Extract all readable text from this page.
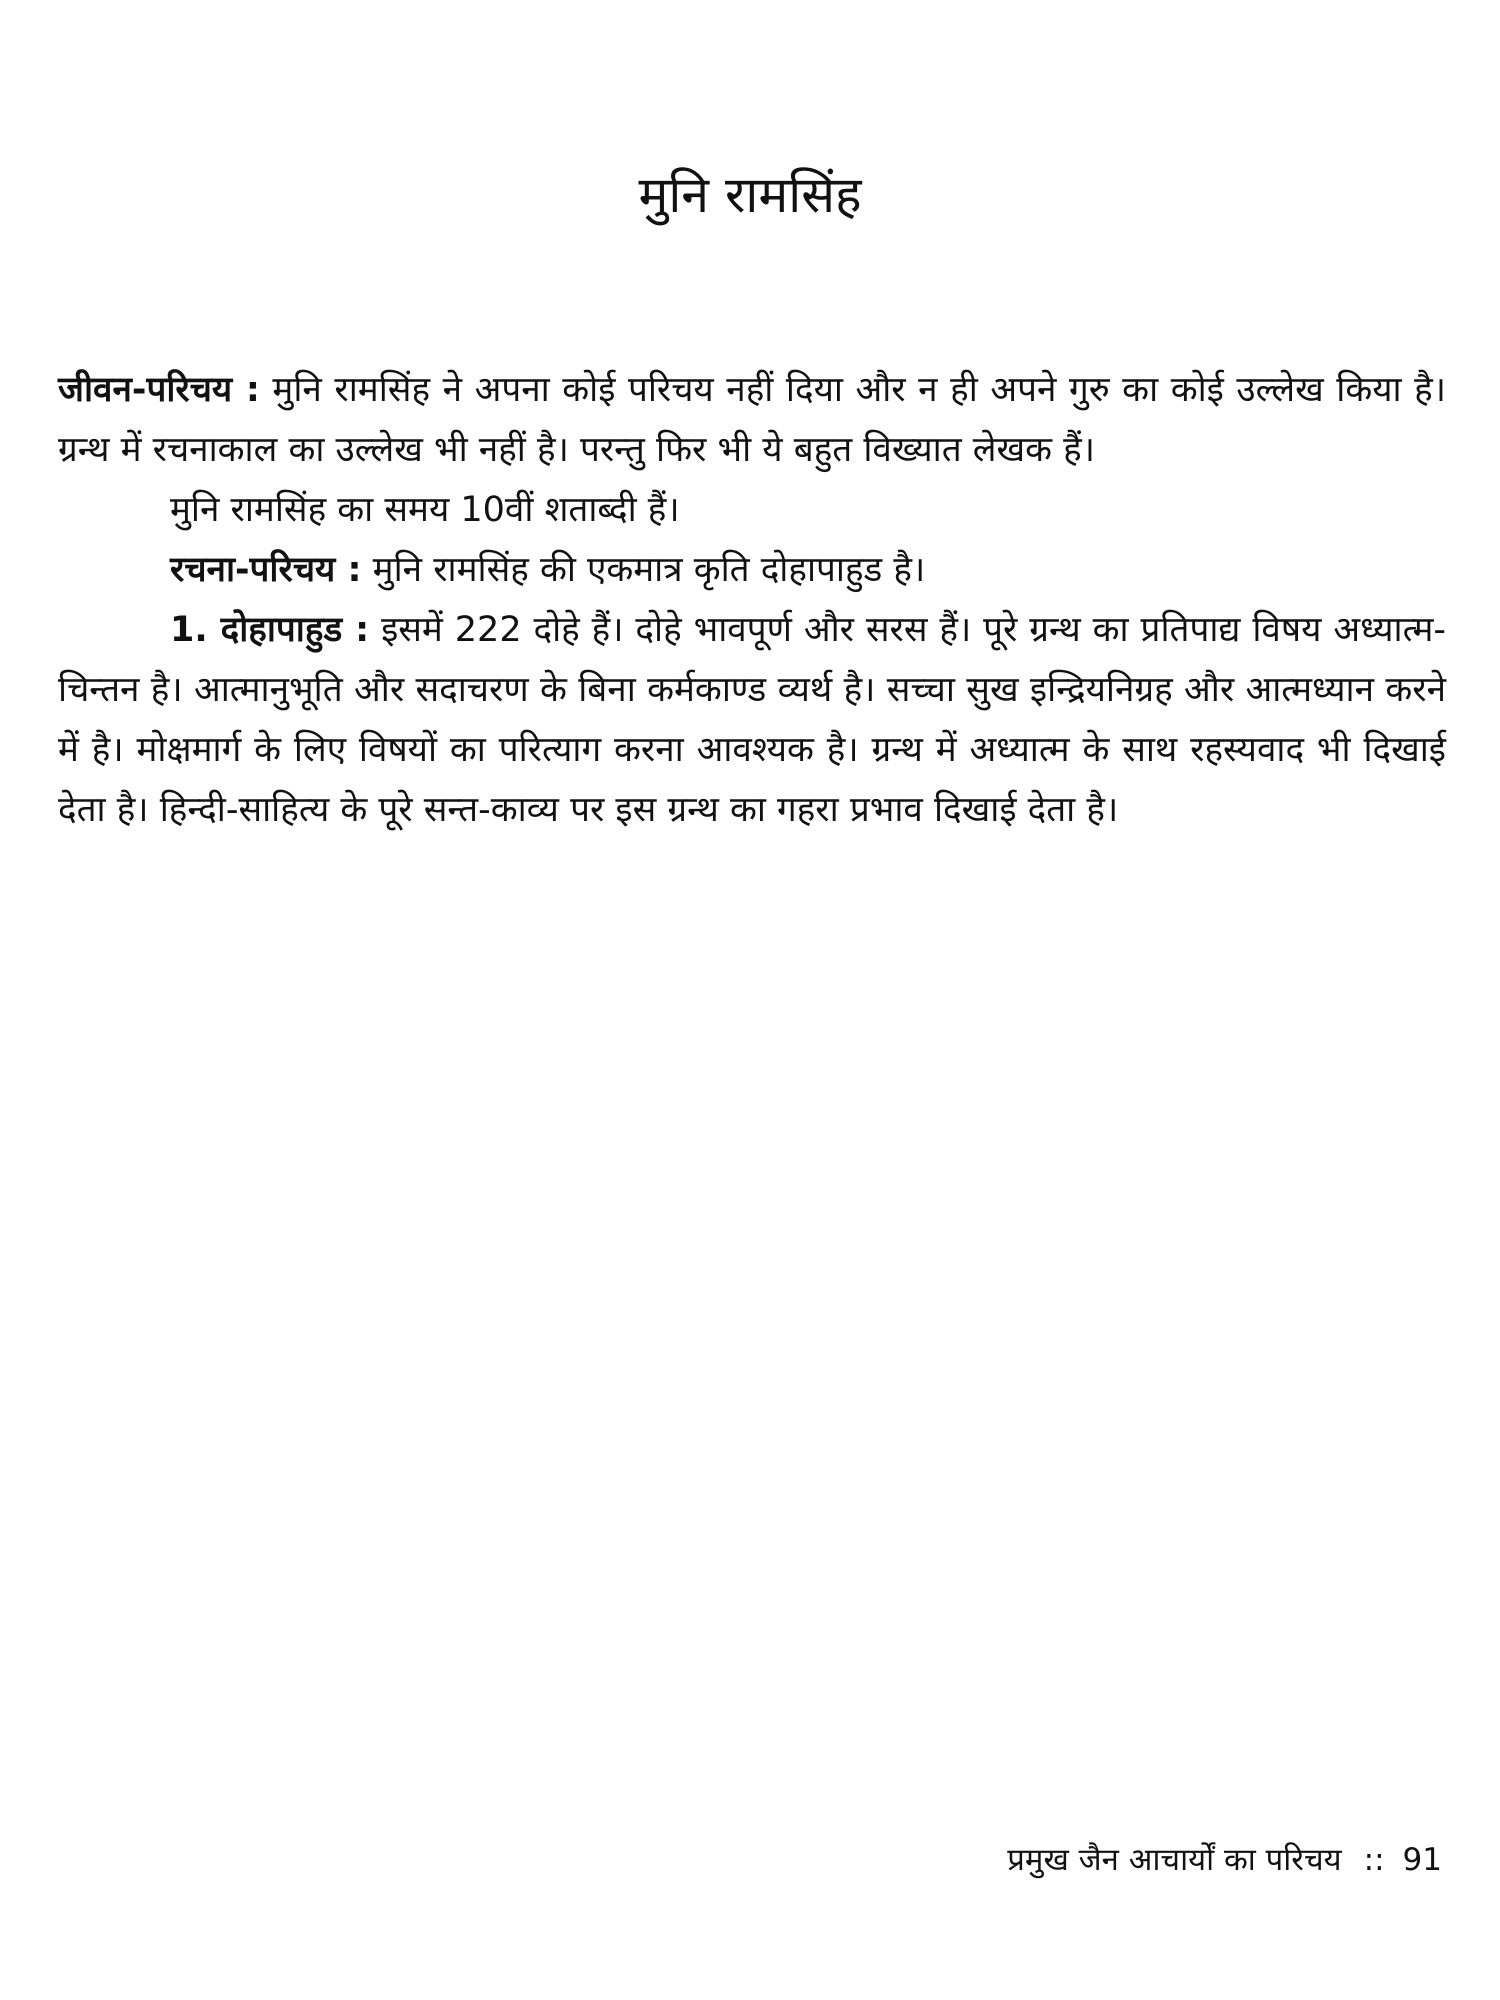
मुनि रामसिंह

जीवन-परिचय : मुनि रामसिंह ने अपना कोई परिचय नहीं दिया और न ही अपने गुरु का कोई उल्लेख किया है। ग्रन्थ में रचनाकाल का उल्लेख भी नहीं है। परन्तु फिर भी ये बहुत विख्यात लेखक हैं।

मुनि रामसिंह का समय 10वीं शताब्दी हैं।

रचना-परिचय : मुनि रामसिंह की एकमात्र कृति दोहापाहुड है।

1. दोहापाहुड : इसमें 222 दोहे हैं। दोहे भावपूर्ण और सरस हैं। पूरे ग्रन्थ का प्रतिपाद्य विषय अध्यात्म-चिन्तन है। आत्मानुभूति और सदाचरण के बिना कर्मकाण्ड व्यर्थ है। सच्चा सुख इन्द्रियनिग्रह और आत्मध्यान करने में है। मोक्षमार्ग के लिए विषयों का परित्याग करना आवश्यक है। ग्रन्थ में अध्यात्म के साथ रहस्यवाद भी दिखाई देता है। हिन्दी-साहित्य के पूरे सन्त-काव्य पर इस ग्रन्थ का गहरा प्रभाव दिखाई देता है।

प्रमुख जैन आचार्यों का परिचय :: 91
